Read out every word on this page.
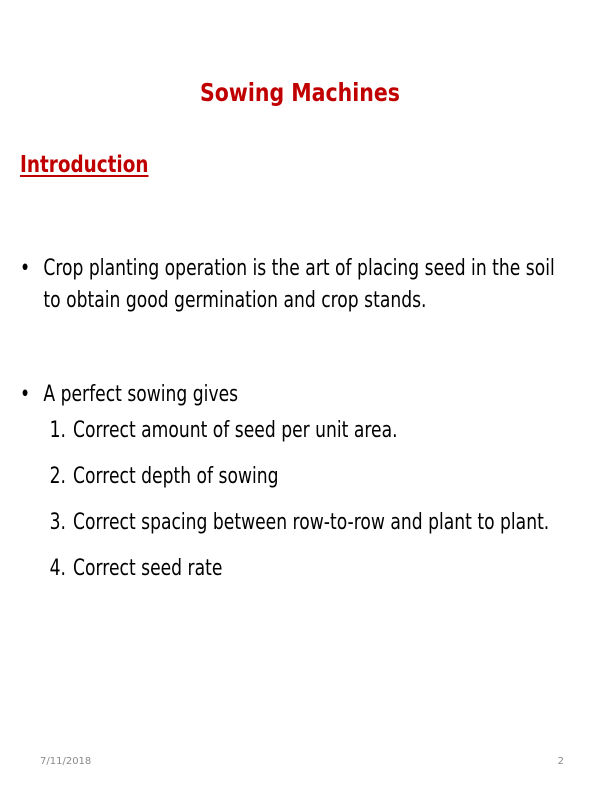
Sowing Machines
Introduction
• Crop planting operation is the art of placing seed in the soil to obtain good germination and crop stands.
• A perfect sowing gives
1. Correct amount of seed per unit area.
2. Correct depth of sowing
3. Correct spacing between row-to-row and plant to plant.
4. Correct seed rate
7/11/2018	2
